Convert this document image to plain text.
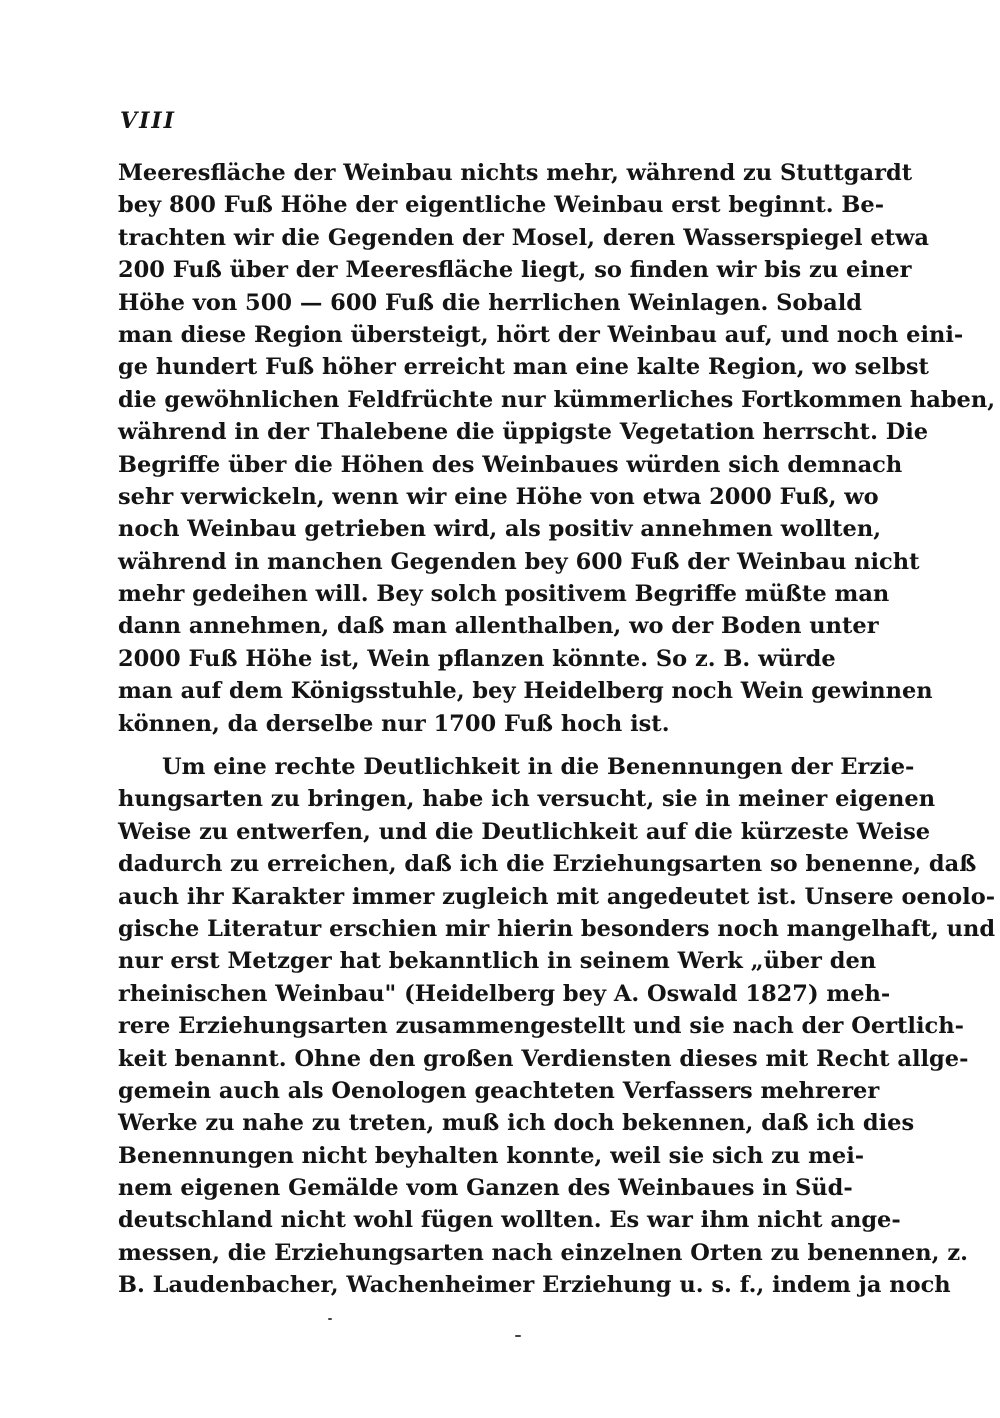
VIII
Meeresfläche der Weinbau nichts mehr, während zu Stuttgardt
bey 800 Fuß Höhe der eigentliche Weinbau erst beginnt. Be-
trachten wir die Gegenden der Mosel, deren Wasserspiegel etwa
200 Fuß über der Meeresfläche liegt, so finden wir bis zu einer
Höhe von 500 — 600 Fuß die herrlichen Weinlagen. Sobald
man diese Region übersteigt, hört der Weinbau auf, und noch eini-
ge hundert Fuß höher erreicht man eine kalte Region, wo selbst
die gewöhnlichen Feldfrüchte nur kümmerliches Fortkommen haben,
während in der Thalebene die üppigste Vegetation herrscht. Die
Begriffe über die Höhen des Weinbaues würden sich demnach
sehr verwickeln, wenn wir eine Höhe von etwa 2000 Fuß, wo
noch Weinbau getrieben wird, als positiv annehmen wollten,
während in manchen Gegenden bey 600 Fuß der Weinbau nicht
mehr gedeihen will. Bey solch positivem Begriffe müßte man
dann annehmen, daß man allenthalben, wo der Boden unter
2000 Fuß Höhe ist, Wein pflanzen könnte. So z. B. würde
man auf dem Königsstuhle, bey Heidelberg noch Wein gewinnen
können, da derselbe nur 1700 Fuß hoch ist.
Um eine rechte Deutlichkeit in die Benennungen der Erzie-
hungsarten zu bringen, habe ich versucht, sie in meiner eigenen
Weise zu entwerfen, und die Deutlichkeit auf die kürzeste Weise
dadurch zu erreichen, daß ich die Erziehungsarten so benenne, daß
auch ihr Karakter immer zugleich mit angedeutet ist. Unsere oenolo-
gische Literatur erschien mir hierin besonders noch mangelhaft, und
nur erst Metzger hat bekanntlich in seinem Werk „über den
rheinischen Weinbau" (Heidelberg bey A. Oswald 1827) meh-
rere Erziehungsarten zusammengestellt und sie nach der Oertlich-
keit benannt. Ohne den großen Verdiensten dieses mit Recht allge-
gemein auch als Oenologen geachteten Verfassers mehrerer
Werke zu nahe zu treten, muß ich doch bekennen, daß ich dies
Benennungen nicht beyhalten konnte, weil sie sich zu mei-
nem eigenen Gemälde vom Ganzen des Weinbaues in Süd-
deutschland nicht wohl fügen wollten. Es war ihm nicht ange-
messen, die Erziehungsarten nach einzelnen Orten zu benennen, z.
B. Laudenbacher, Wachenheimer Erziehung u. s. f., indem ja noch
